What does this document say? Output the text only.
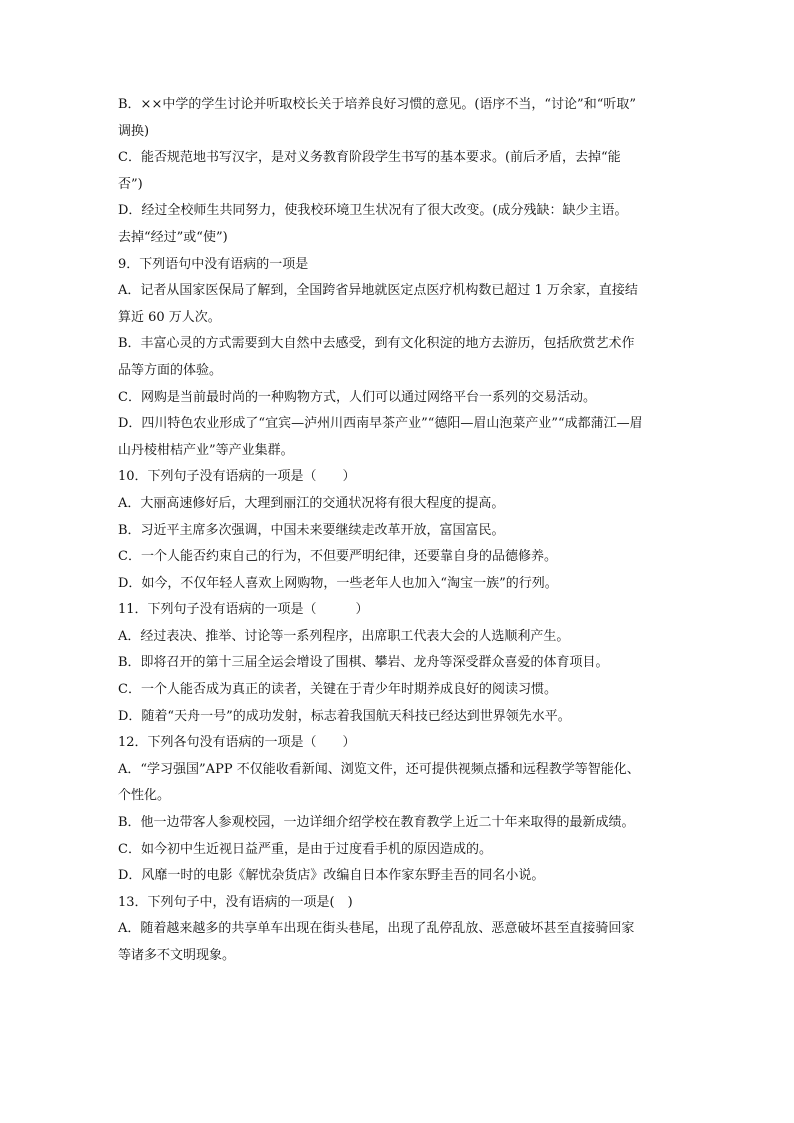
B．××中学的学生讨论并听取校长关于培养良好习惯的意见。(语序不当，“讨论”和“听取”
调换)
C．能否规范地书写汉字，是对义务教育阶段学生书写的基本要求。(前后矛盾，去掉“能
否”)
D．经过全校师生共同努力，使我校环境卫生状况有了很大改变。(成分残缺：缺少主语。
去掉“经过”或“使”)
9．下列语句中没有语病的一项是
A．记者从国家医保局了解到，全国跨省异地就医定点医疗机构数已超过 1 万余家，直接结
算近 60 万人次。
B．丰富心灵的方式需要到大自然中去感受，到有文化积淀的地方去游历，包括欣赏艺术作
品等方面的体验。
C．网购是当前最时尚的一种购物方式，人们可以通过网络平台一系列的交易活动。
D．四川特色农业形成了“宜宾—泸州川西南早茶产业”“德阳—眉山泡菜产业”“成都蒲江—眉
山丹棱柑桔产业”等产业集群。
10．下列句子没有语病的一项是（　　）
A．大丽高速修好后，大理到丽江的交通状况将有很大程度的提高。
B．习近平主席多次强调，中国未来要继续走改革开放，富国富民。
C．一个人能否约束自己的行为，不但要严明纪律，还要靠自身的品德修养。
D．如今，不仅年轻人喜欢上网购物，一些老年人也加入“淘宝一族”的行列。
11．下列句子没有语病的一项是（　　　）
A．经过表决、推举、讨论等一系列程序，出席职工代表大会的人选顺利产生。
B．即将召开的第十三届全运会增设了围棋、攀岩、龙舟等深受群众喜爱的体育项目。
C．一个人能否成为真正的读者，关键在于青少年时期养成良好的阅读习惯。
D．随着“天舟一号”的成功发射，标志着我国航天科技已经达到世界领先水平。
12．下列各句没有语病的一项是（　　）
A．“学习强国”APP 不仅能收看新闻、浏览文件，还可提供视频点播和远程教学等智能化、
个性化。
B．他一边带客人参观校园，一边详细介绍学校在教育教学上近二十年来取得的最新成绩。
C．如今初中生近视日益严重，是由于过度看手机的原因造成的。
D．风靡一时的电影《解忧杂货店》改编自日本作家东野圭吾的同名小说。
13．下列句子中，没有语病的一项是(　)
A．随着越来越多的共享单车出现在街头巷尾，出现了乱停乱放、恶意破坏甚至直接骑回家
等诸多不文明现象。
